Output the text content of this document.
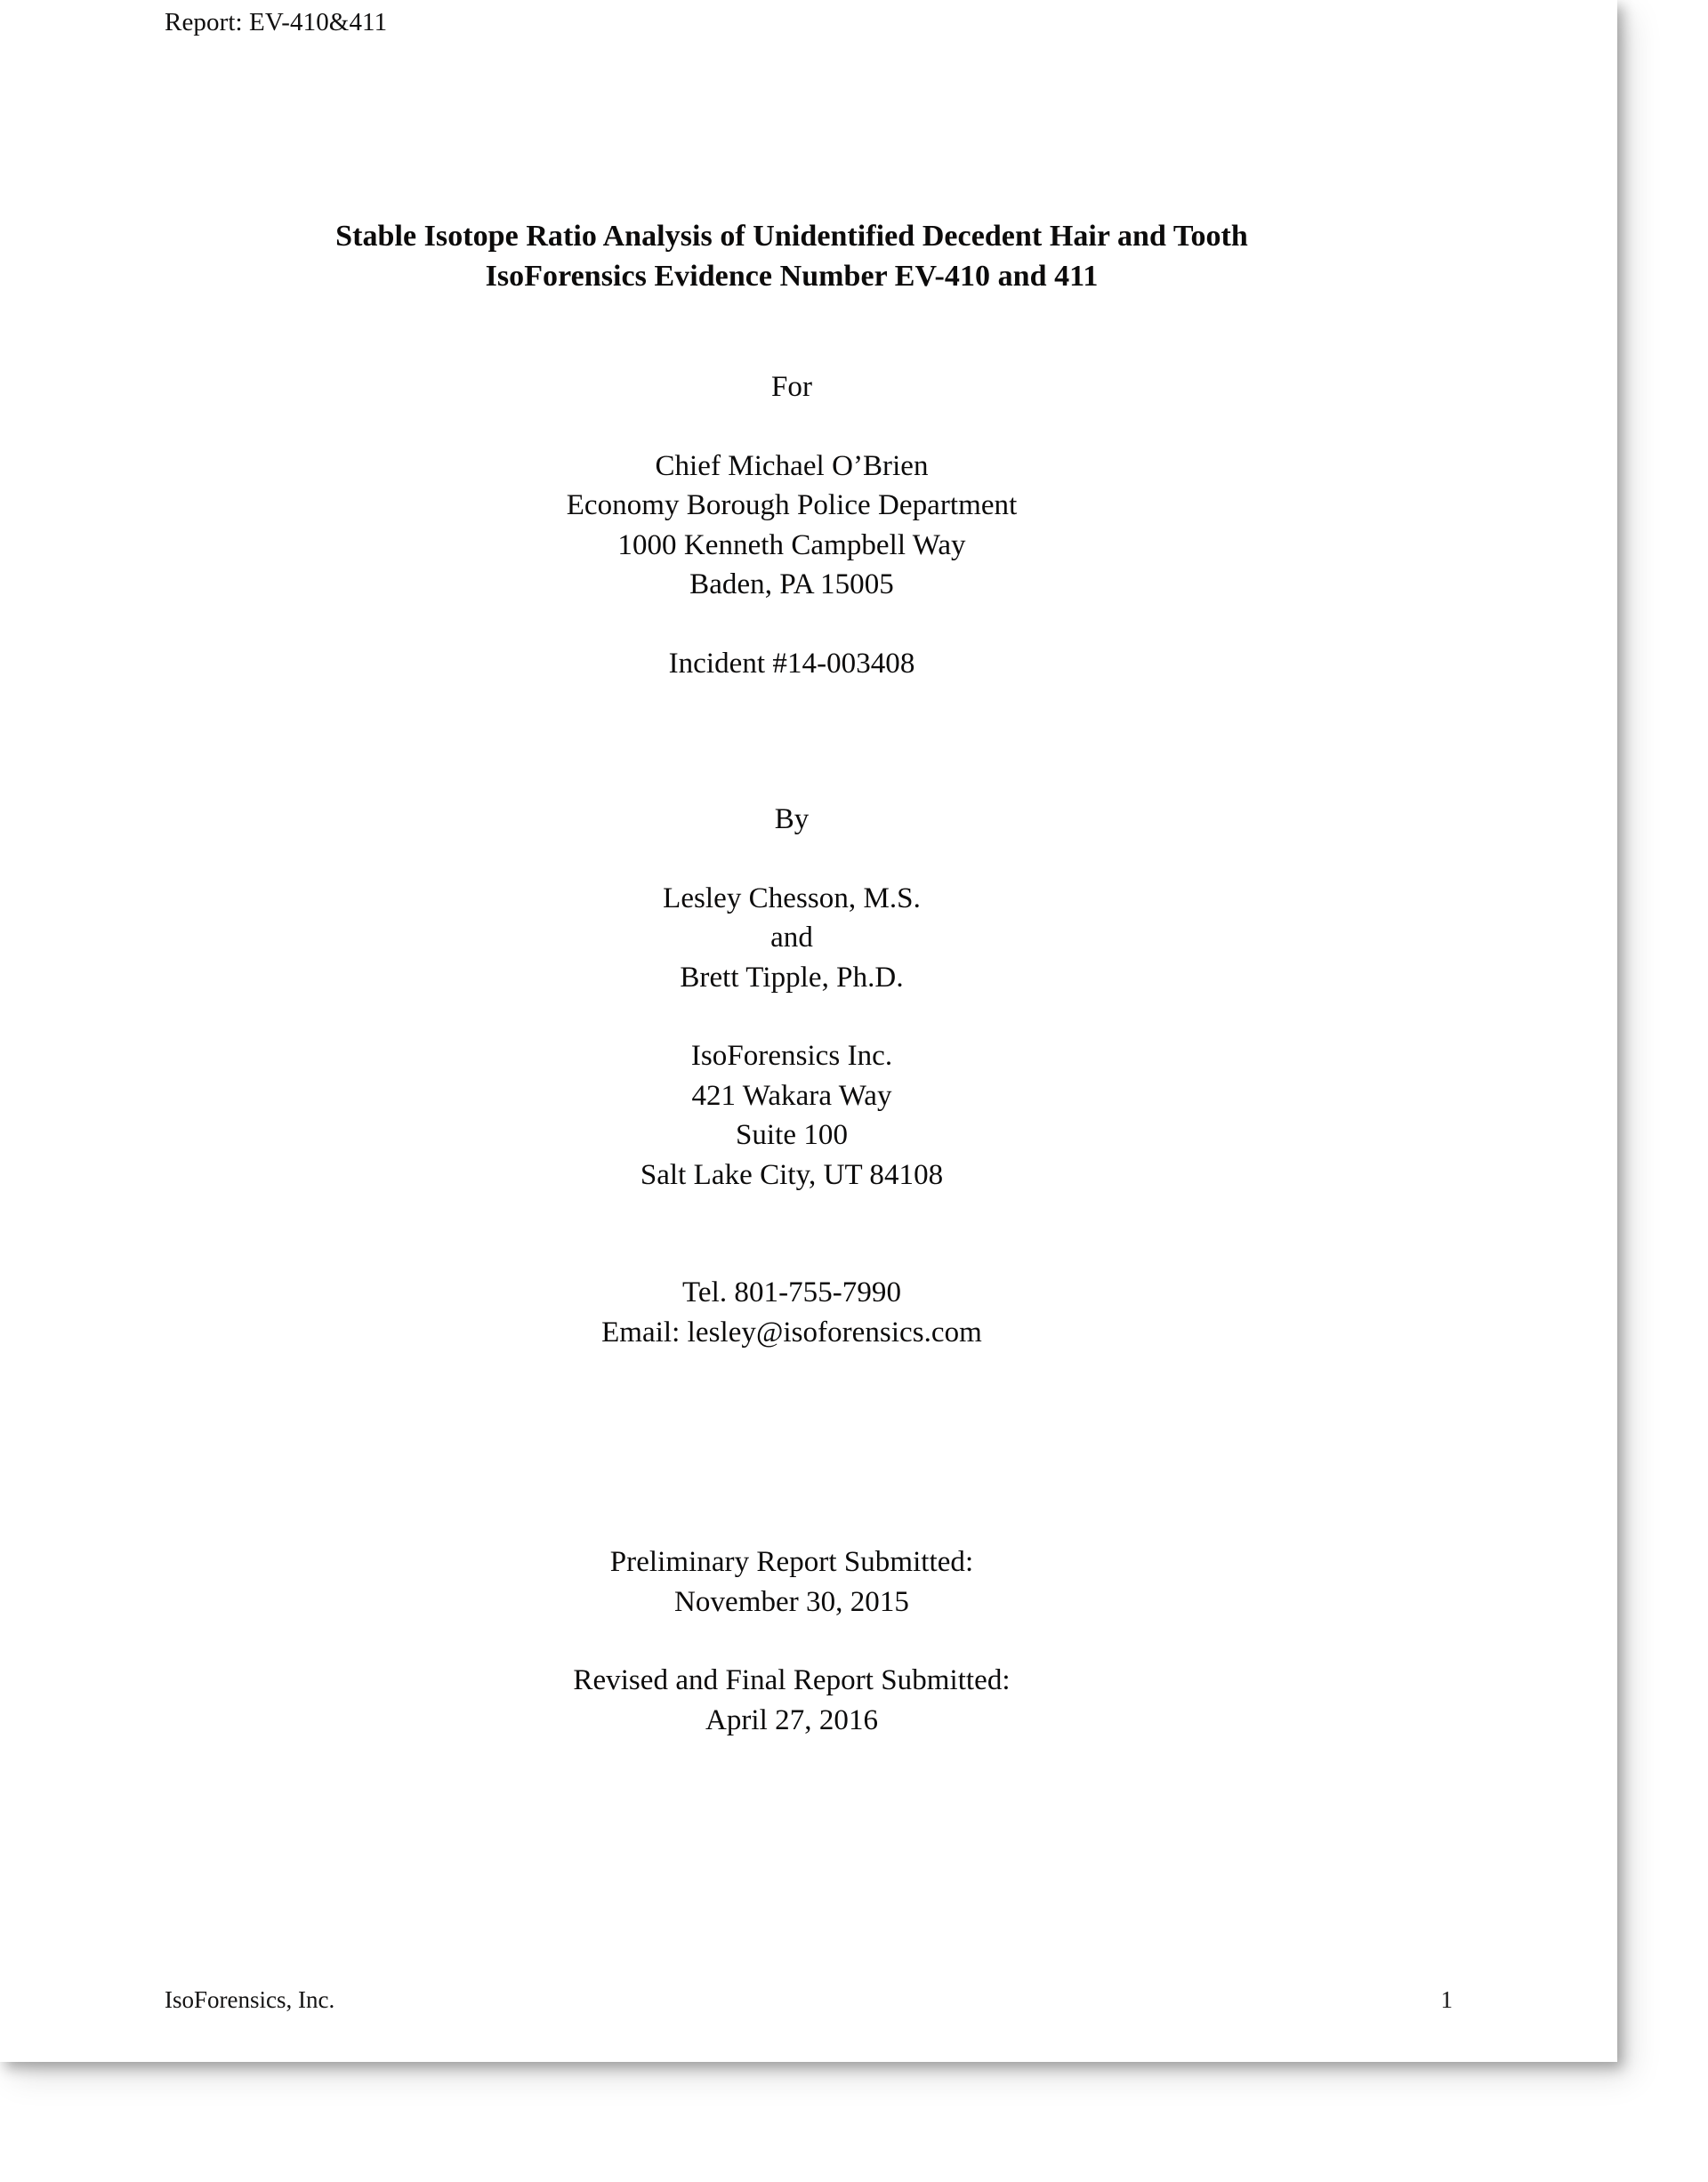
Report: EV-410&411
Stable Isotope Ratio Analysis of Unidentified Decedent Hair and Tooth
IsoForensics Evidence Number EV-410 and 411
For
Chief Michael O’Brien
Economy Borough Police Department
1000 Kenneth Campbell Way
Baden, PA 15005
Incident #14-003408
By
Lesley Chesson, M.S.
and
Brett Tipple, Ph.D.
IsoForensics Inc.
421 Wakara Way
Suite 100
Salt Lake City, UT 84108
Tel. 801-755-7990
Email: lesley@isoforensics.com
Preliminary Report Submitted:
November 30, 2015
Revised and Final Report Submitted:
April 27, 2016
IsoForensics, Inc.	1
